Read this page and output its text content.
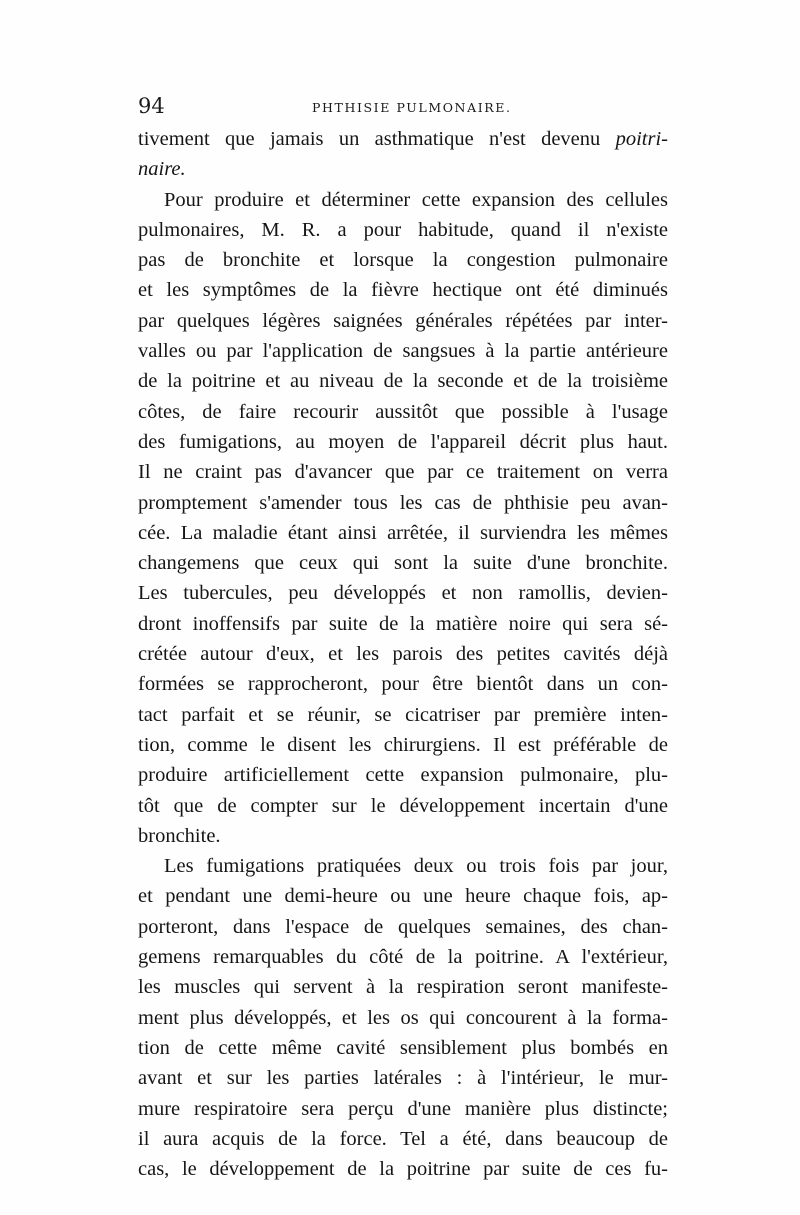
94	PHTHISIE PULMONAIRE.
tivement que jamais un asthmatique n'est devenu poitri-
naire.
Pour produire et déterminer cette expansion des cellules
pulmonaires, M. R. a pour habitude, quand il n'existe
pas de bronchite et lorsque la congestion pulmonaire
et les symptômes de la fièvre hectique ont été diminués
par quelques légères saignées générales répétées par inter-
valles ou par l'application de sangsues à la partie antérieure
de la poitrine et au niveau de la seconde et de la troisième
côtes, de faire recourir aussitôt que possible à l'usage
des fumigations, au moyen de l'appareil décrit plus haut.
Il ne craint pas d'avancer que par ce traitement on verra
promptement s'amender tous les cas de phthisie peu avan-
cée. La maladie étant ainsi arrêtée, il surviendra les mêmes
changemens que ceux qui sont la suite d'une bronchite.
Les tubercules, peu développés et non ramollis, devien-
dront inoffensifs par suite de la matière noire qui sera sé-
crétée autour d'eux, et les parois des petites cavités déjà
formées se rapprocheront, pour être bientôt dans un con-
tact parfait et se réunir, se cicatriser par première inten-
tion, comme le disent les chirurgiens. Il est préférable de
produire artificiellement cette expansion pulmonaire, plu-
tôt que de compter sur le développement incertain d'une
bronchite.
Les fumigations pratiquées deux ou trois fois par jour,
et pendant une demi-heure ou une heure chaque fois, ap-
porteront, dans l'espace de quelques semaines, des chan-
gemens remarquables du côté de la poitrine. A l'extérieur,
les muscles qui servent à la respiration seront manifeste-
ment plus développés, et les os qui concourent à la forma-
tion de cette même cavité sensiblement plus bombés en
avant et sur les parties latérales : à l'intérieur, le mur-
mure respiratoire sera perçu d'une manière plus distincte;
il aura acquis de la force. Tel a été, dans beaucoup de
cas, le développement de la poitrine par suite de ces fu-
